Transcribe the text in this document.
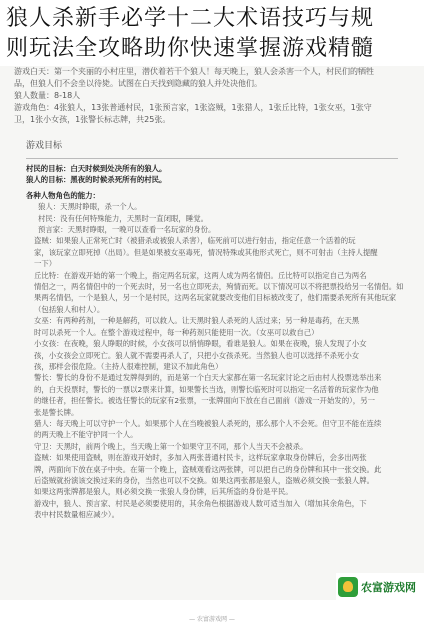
狼人杀新手必学十二大术语技巧与规
则玩法全攻略助你快速掌握游戏精髓
游戏白天：第一个夹丽的小村庄里，潜伏着若干个狼人！每天晚上，狼人会杀害一个人，村民们的牺牲
品，但狼人们不会坐以待毙。试图在白天找到隐藏的狼人并处决他们。
狼人数量：8-18人
游戏角色：4张狼人，13张普通村民，1张预言家，1张盗贼，1张猎人，1张丘比特，1张女巫，1张守
卫，1张小女孩，1张警长标志牌，共25张。
游戏目标
村民的目标：白天时候到处决所有的狼人。
狼人的目标：黑夜的时候杀死所有的村民。
各种人物角色的能力：
狼人：天黑时睁眼，杀一个人。
村民：没有任何特殊能力，天黑时一直闭眼，睡觉。
预言家：天黑时睁眼，一晚可以查看一名玩家的身份。
盗贼：如果狼人正常死亡时（被猎杀或被狼人杀害），临死前可以进行射击，指定任意一个活着的玩
家，该玩家立即死掉（出局）。但是如果被女巫毒死，情况特殊或其他形式死亡，则不可射击（主持人提醒
一下）
丘比特：在游戏开始的第一个晚上，指定两名玩家，这两人成为两名情侣。丘比特可以指定自己为两名
情侣之一，两名情侣中的一个死去时，另一名也立即死去，殉情而死。以下情况可以不将把票投给另一名情侣。如
果两名情侣，一个是狼人，另一个是村民，这两名玩家就要改变他们目标被改变了，他们需要杀死所有其他玩家
（包括狼人和村人）。
女巫：有两种药剂，一种是解药，可以救人。让天黑时狼人杀死的人活过来；另一种是毒药，在天黑
时可以杀死一个人。在整个游戏过程中，每一种药剂只能使用一次。（女巫可以救自己）
小女孩：在夜晚，狼人睁眼的时候，小女孩可以悄悄睁眼，看谁是狼人。如果在夜晚，狼人发现了小女
孩，小女孩会立即死亡。狼人就不需要再杀人了，只把小女孩杀死。当然狼人也可以选择不杀死小女
孩，那样会很危险。（主持人很难控制，建议不加此角色）
警长：警长的身份不是通过发牌得到的，而是第一个白天大家都在第一名玩家讨论之后由村人投票选举出来
的，白天投票时，警长的一票以2票来计算，如果警长当选，则警长临死时可以指定一名活着的玩家作为他
的继任者，担任警长。被选任警长的玩家有2张票，一张牌面向下放在自己面前（游戏一开始发的），另一
张是警长牌。
猎人：每天晚上可以守护一个人。如果那个人在当晚被狼人杀死的，那么那个人不会死。但守卫不能在连续
的两天晚上不能守护同一个人。
守卫：天黑时，前两个晚上，当天晚上第一个如果守卫不同，那个人当天不会被杀。
盗贼：如果使用盗贼，则在游戏开始时，多加入两张普通村民卡，这样玩家拿取身份牌后，会多出两张
牌，两面向下放在桌子中央。在第一个晚上，盗贼观看这两张牌，可以把自己的身份牌和其中一张交换。此
后盗贼就扮演该交换过来的身份，当然也可以不交换。如果这两张都是狼人，盗贼必须交换一张狼人牌。
如果这两张牌都是狼人，则必须交换一张狼人身份牌，后其所盗的身份是平民。
游戏中，狼人、预言家、村民是必须要使用的，其余角色根据游戏人数可适当加入（增加其余角色，下
表中村民数量相应减少）。
— 农富游戏网 —
农富游戏网
